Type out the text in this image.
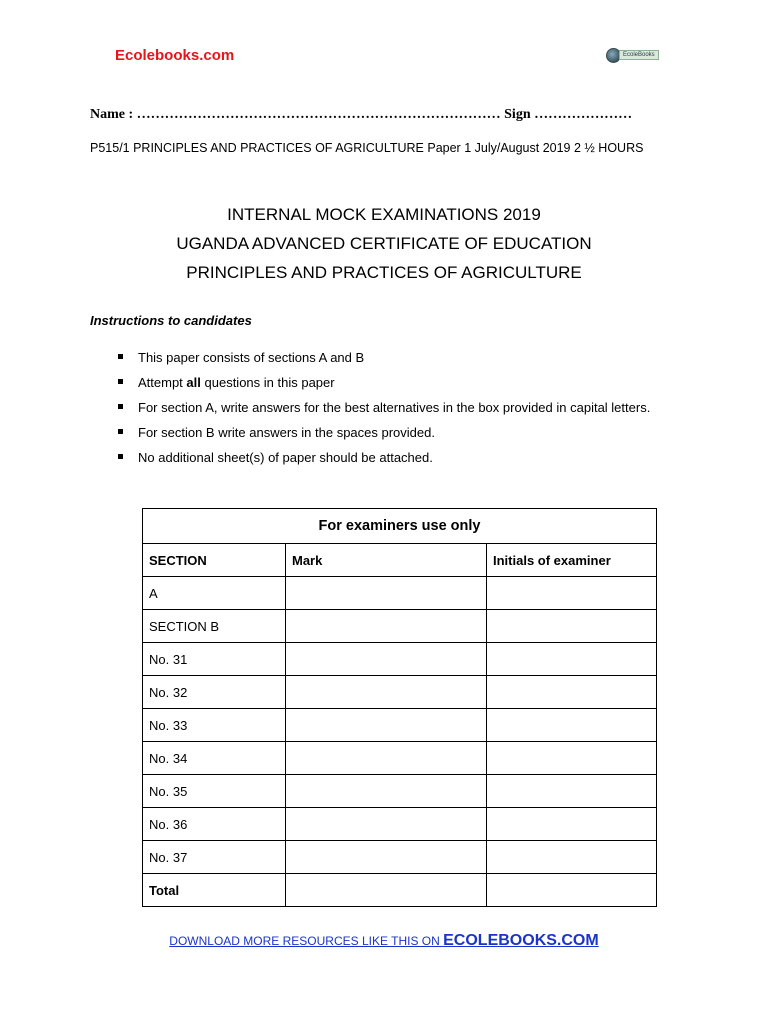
Ecolebooks.com	EcoleBooks
Name : …………………………………………………………………… Sign …………………
P515/1 PRINCIPLES AND PRACTICES OF AGRICULTURE Paper 1 July/August 2019 2 ½ HOURS
INTERNAL MOCK EXAMINATIONS 2019
UGANDA ADVANCED CERTIFICATE OF EDUCATION
PRINCIPLES AND PRACTICES OF AGRICULTURE
Instructions to candidates
This paper consists of sections A and B
Attempt all questions in this paper
For section A, write answers for the best alternatives in the box provided in capital letters.
For section B write answers in the spaces provided.
No additional sheet(s) of paper should be attached.
For examiners use only		
SECTION	Mark	Initials of examiner
A		
SECTION B		
No. 31		
No. 32		
No. 33		
No. 34		
No. 35		
No. 36		
No. 37		
Total		
DOWNLOAD MORE RESOURCES LIKE THIS ON ECOLEBOOKS.COM
